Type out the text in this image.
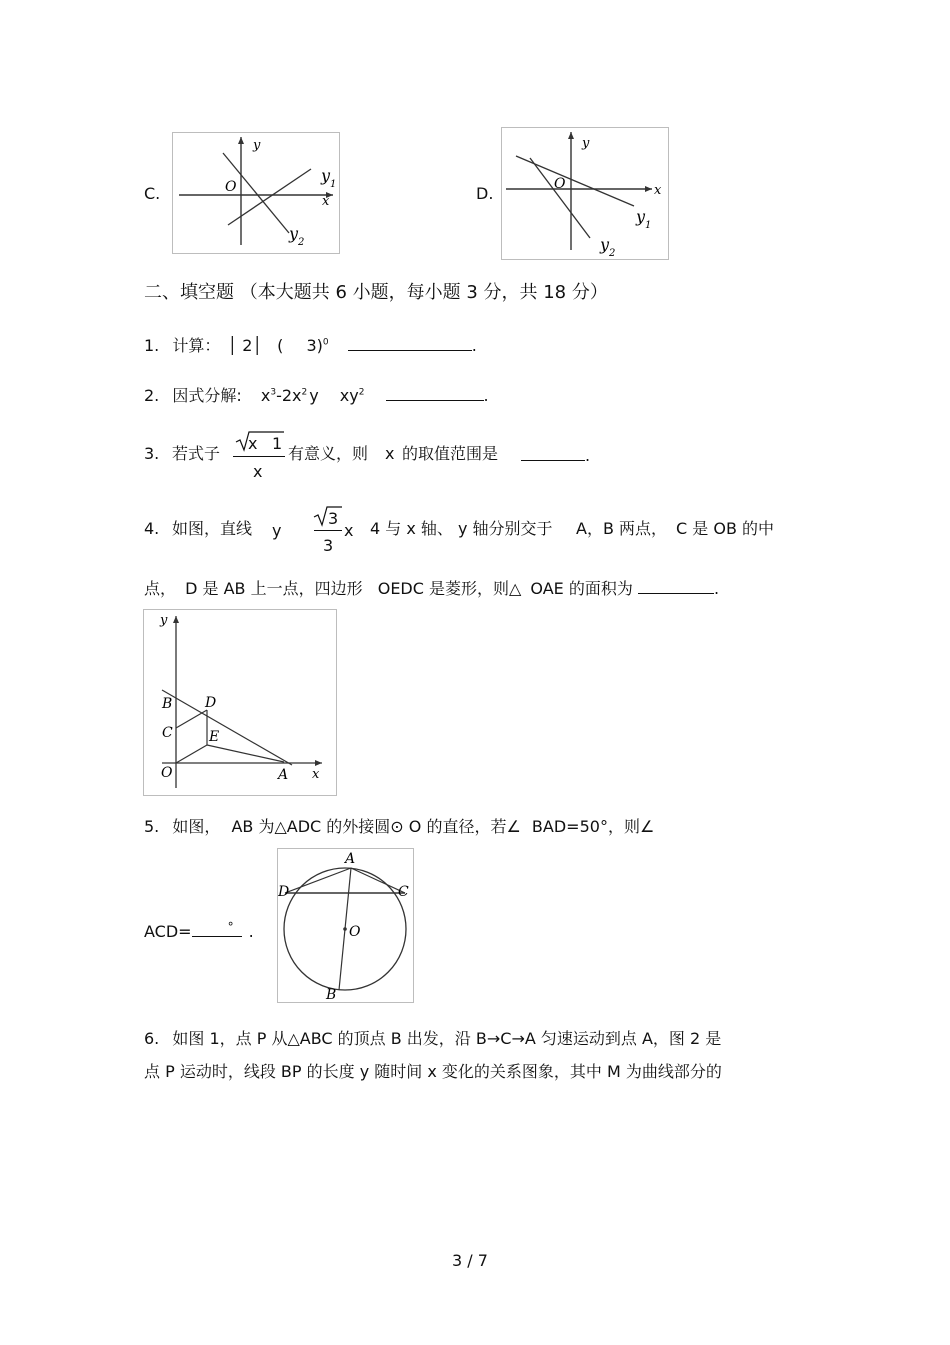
C.
y
O
x
y 1
y 2
D.
y
O	x
y 1
y 2
二、填空题 （本大题共 6 小题，每小题 3 分，共 18 分）
1. 计算： │ 2│ ( 3)$^0$	.
2. 因式分解: $x^3-2x^2$ y $xy^2$	.
3. 若式子
x 1
x
有意义，则 x 的取值范围是	.
4. 如图，直线 y
3
3
x 4 与 x 轴、 y 轴分别交于 A，B 两点， C 是 OB 的中
点， D 是 AB 上一点，四边形 OEDC 是菱形，则△ OAE 的面积为	.
y
x
B D
C	E
O	A
5. 如图， AB 为△ADC 的外接圆⊙ O 的直径，若∠ BAD=50°，则∠
ACD=	° .
A
D	C
O
B
6. 如图 1，点 P 从△ABC 的顶点 B 出发，沿 B→C→A 匀速运动到点 A，图 2 是
点 P 运动时，线段 BP 的长度 y 随时间 x 变化的关系图象，其中 M 为曲线部分的
3 / 7
